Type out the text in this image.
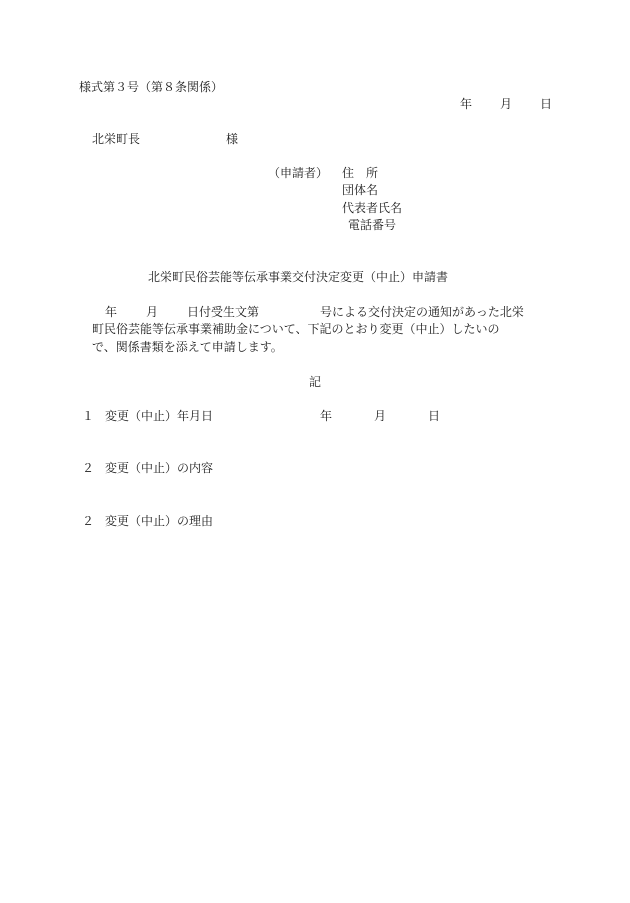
様式第３号（第８条関係）
年 月 日
北栄町長	様
（申請者） 住　所
団体名
代表者氏名
電話番号
北栄町民俗芸能等伝承事業交付決定変更（中止）申請書
年 月 日付受生文第	号による交付決定の通知があった北栄
町民俗芸能等伝承事業補助金について、下記のとおり変更（中止）したいの
で、関係書類を添えて申請します。
記
１ 変更（中止）年月日	年	月	日
２ 変更（中止）の内容
２ 変更（中止）の理由
